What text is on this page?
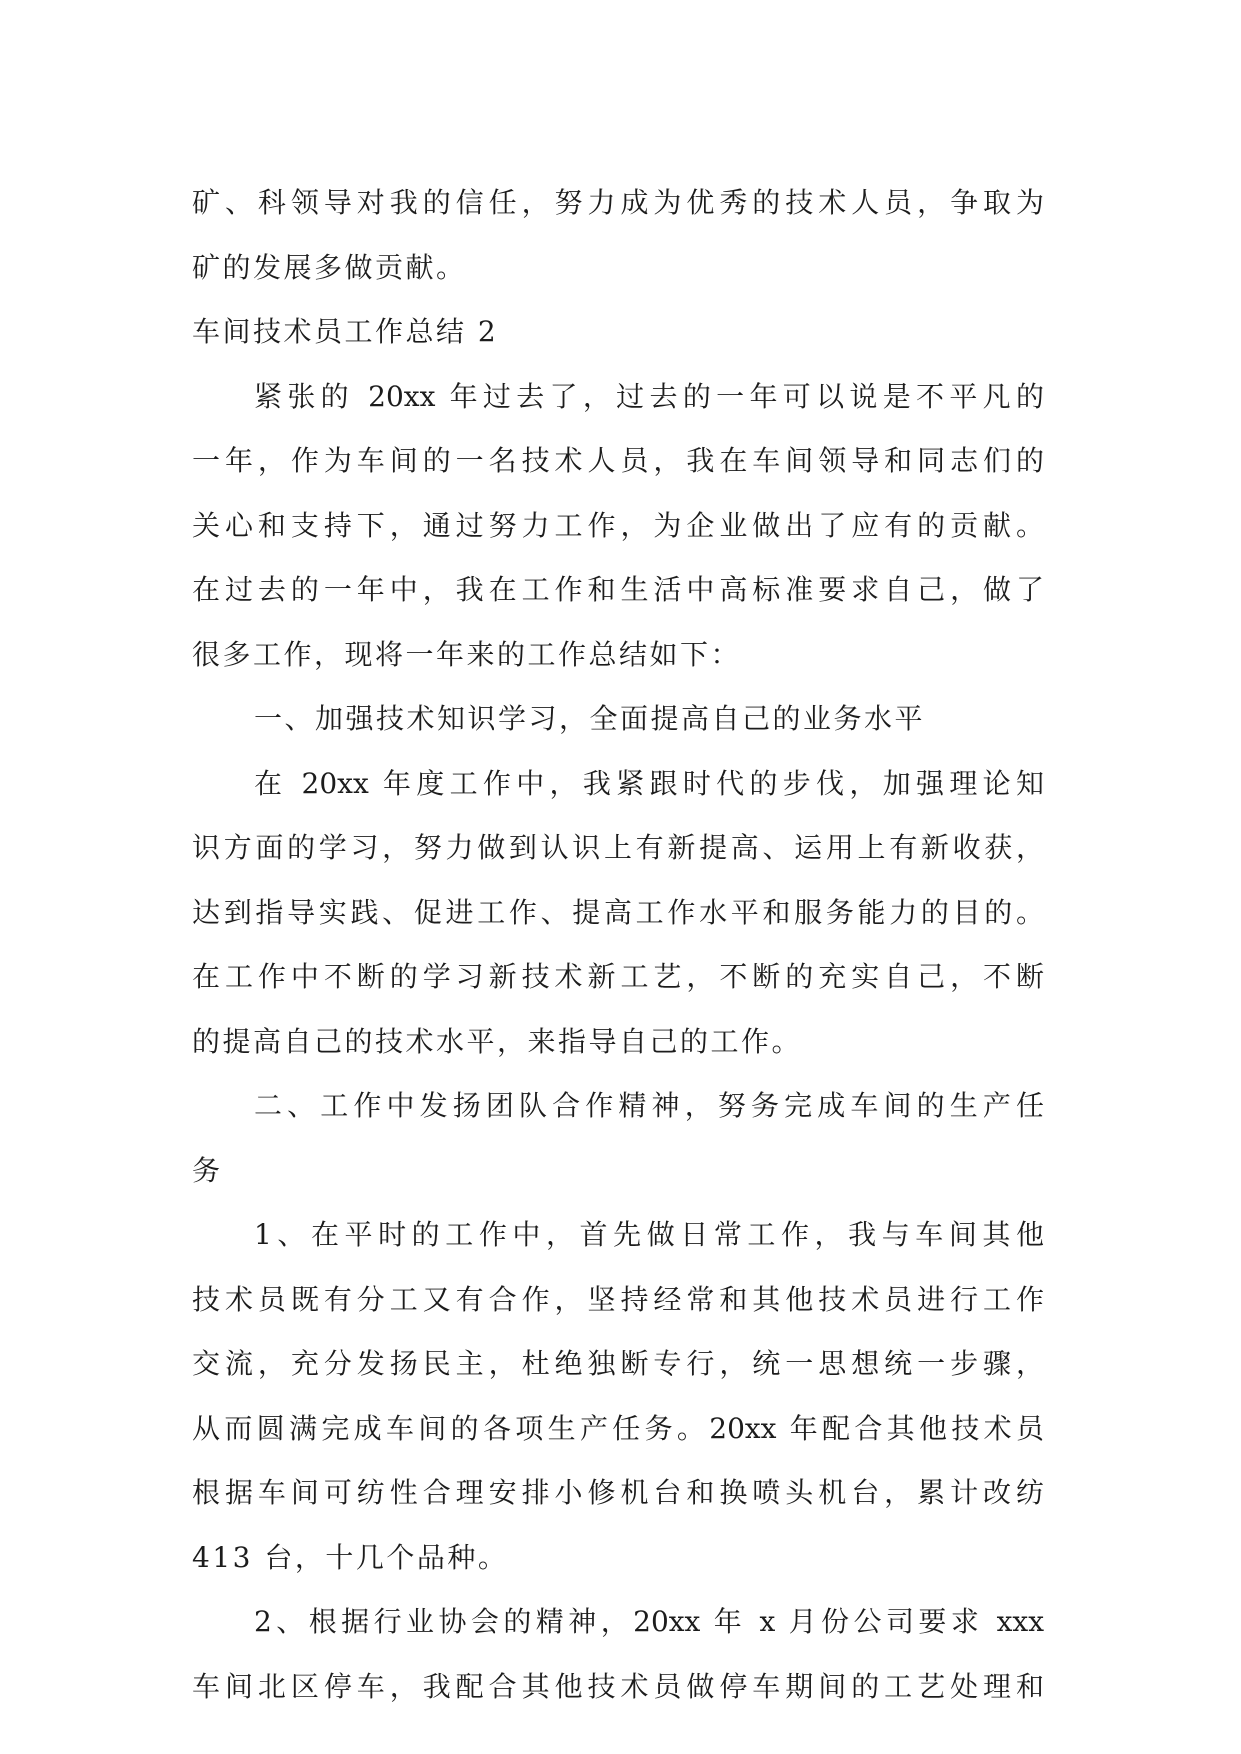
矿、科领导对我的信任，努力成为优秀的技术人员，争取为
矿的发展多做贡献。
车间技术员工作总结 2
紧张的 20xx 年过去了，过去的一年可以说是不平凡的
一年，作为车间的一名技术人员，我在车间领导和同志们的
关心和支持下，通过努力工作，为企业做出了应有的贡献。
在过去的一年中，我在工作和生活中高标准要求自己，做了
很多工作，现将一年来的工作总结如下：
一、加强技术知识学习，全面提高自己的业务水平
在 20xx 年度工作中，我紧跟时代的步伐，加强理论知
识方面的学习，努力做到认识上有新提高、运用上有新收获，
达到指导实践、促进工作、提高工作水平和服务能力的目的。
在工作中不断的学习新技术新工艺，不断的充实自己，不断
的提高自己的技术水平，来指导自己的工作。
二、工作中发扬团队合作精神，努务完成车间的生产任
务
1、在平时的工作中，首先做日常工作，我与车间其他
技术员既有分工又有合作，坚持经常和其他技术员进行工作
交流，充分发扬民主，杜绝独断专行，统一思想统一步骤，
从而圆满完成车间的各项生产任务。20xx 年配合其他技术员
根据车间可纺性合理安排小修机台和换喷头机台，累计改纺
413 台，十几个品种。
2、根据行业协会的精神，20xx 年 x 月份公司要求 xxx
车间北区停车，我配合其他技术员做停车期间的工艺处理和
